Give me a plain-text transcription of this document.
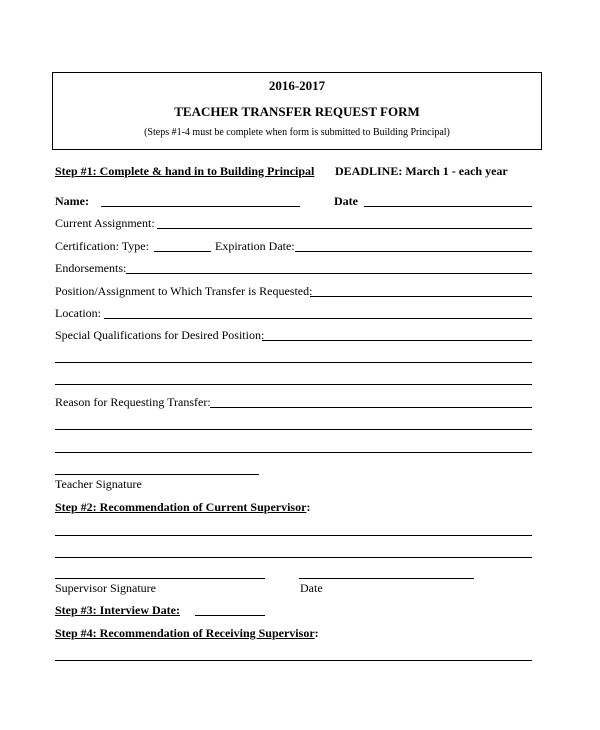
2016-2017
TEACHER TRANSFER REQUEST FORM
(Steps #1-4 must be complete when form is submitted to Building Principal)
Step #1: Complete & hand in to Building Principal DEADLINE: March 1 - each year
Name:	Date
Current Assignment:
Certification: Type:	Expiration Date:
Endorsements:
Position/Assignment to Which Transfer is Requested:
Location:
Special Qualifications for Desired Position:
Reason for Requesting Transfer:
Teacher Signature
Step #2: Recommendation of Current Supervisor:
Supervisor Signature	Date
Step #3: Interview Date:
Step #4: Recommendation of Receiving Supervisor:
